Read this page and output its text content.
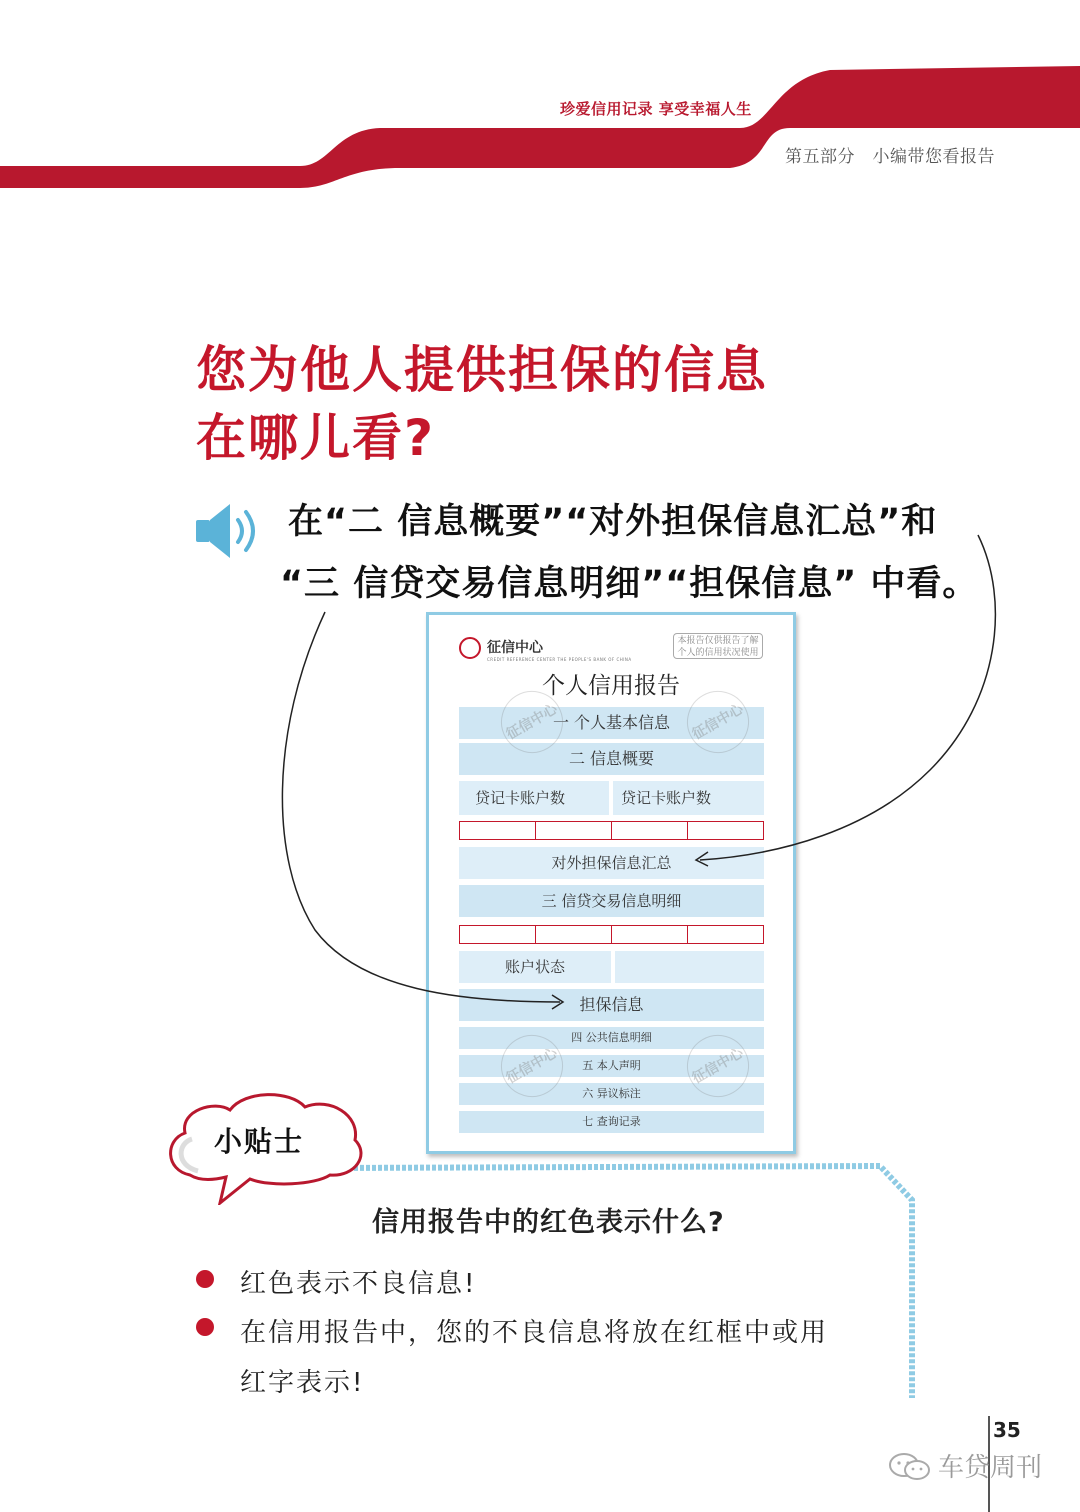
珍爱信用记录 享受幸福人生
第五部分　小编带您看报告
您为他人提供担保的信息
在哪儿看?
在“二 信息概要”“对外担保信息汇总”和
“三 信贷交易信息明细”“担保信息” 中看。
征信中心
CREDIT REFERENCE CENTER THE PEOPLE'S BANK OF CHINA
本报告仅供报告了解个人的信用状况使用
个人信用报告
一 个人基本信息
二 信息概要
贷记卡账户数	贷记卡账户数
对外担保信息汇总
三 信贷交易信息明细
账户状态
担保信息
四 公共信息明细
五 本人声明
六 异议标注
七 查询记录
征信中心	征信中心
征信中心	征信中心
小贴士
信用报告中的红色表示什么?
红色表示不良信息!
在信用报告中，您的不良信息将放在红框中或用
红字表示!
35
车贷周刊
